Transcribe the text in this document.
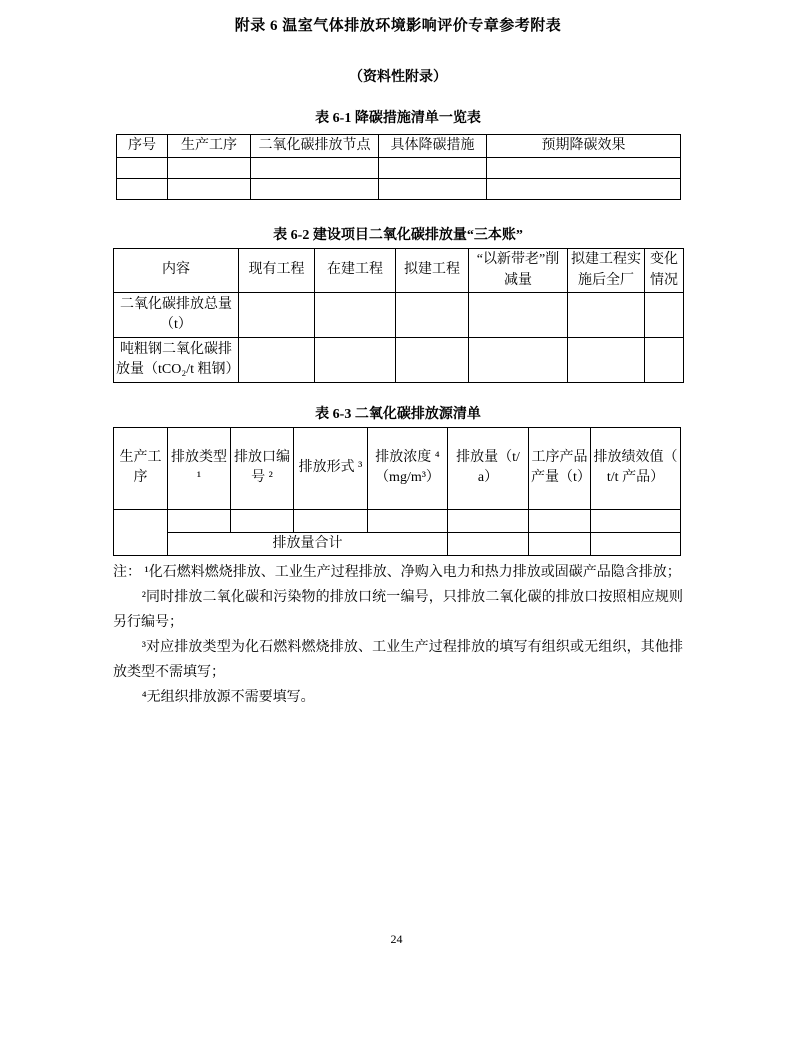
附录 6 温室气体排放环境影响评价专章参考附表
（资料性附录）
表 6-1 降碳措施清单一览表
序号	生产工序	二氧化碳排放节点	具体降碳措施	预期降碳效果

表 6-2 建设项目二氧化碳排放量“三本账”
内容	现有工程	在建工程	拟建工程	“以新带老”削减量	拟建工程实施后全厂	变化情况
二氧化碳排放总量（t）						
吨粗钢二氧化碳排放量（tCO₂/t 粗钢）						
表 6-3 二氧化碳排放源清单
生产工序	排放类型 ¹	排放口编号 ²	排放形式 ³	排放浓度 ⁴（mg/m³）	排放量（t/a）	工序产品产量（t）	排放绩效值（ t/t 产品）

	排放量合计						

注： ¹化石燃料燃烧排放、工业生产过程排放、净购入电力和热力排放或固碳产品隐含排放；

²同时排放二氧化碳和污染物的排放口统一编号，只排放二氧化碳的排放口按照相应规则另行编号；

³对应排放类型为化石燃料燃烧排放、工业生产过程排放的填写有组织或无组织，其他排放类型不需填写；

⁴无组织排放源不需要填写。

24
